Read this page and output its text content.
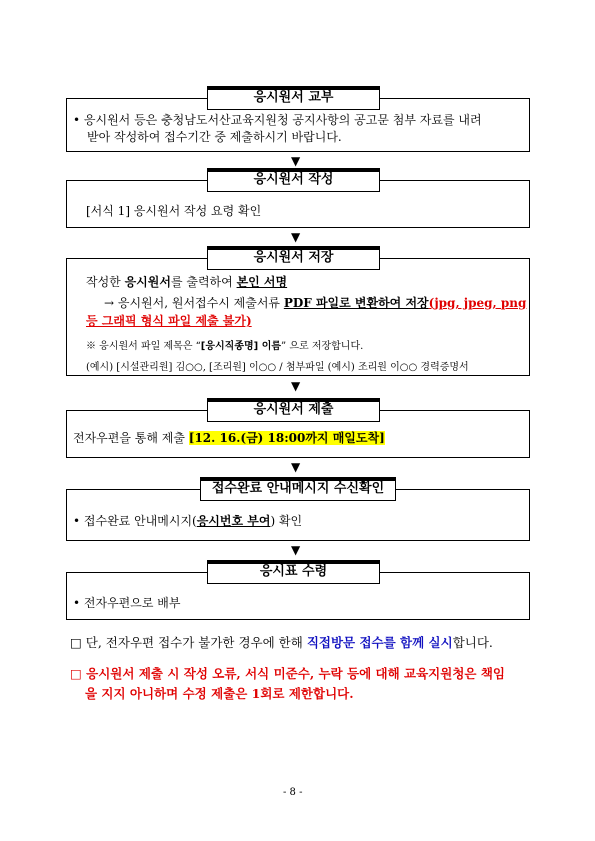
응시원서 교부
• 응시원서 등은 충청남도서산교육지원청 공지사항의 공고문 첨부 자료를 내려
받아 작성하여 접수기간 중 제출하시기 바랍니다.
▼
응시원서 작성
[서식 1] 응시원서 작성 요령 확인
▼
응시원서 저장
작성한 응시원서를 출력하여 본인 서명
→ 응시원서, 원서접수시 제출서류 PDF 파일로 변환하여 저장(jpg, jpeg, png
등 그래픽 형식 파일 제출 불가)
※ 응시원서 파일 제목은 “[응시직종명] 이름” 으로 저장합니다.
(예시) [시설관리원] 김○○, [조리원] 이○○ / 첨부파일 (예시) 조리원 이○○ 경력증명서
▼
응시원서 제출
전자우편을 통해 제출 [12. 16.(금) 18:00까지 매일도착]
▼
접수완료 안내메시지 수신확인
• 접수완료 안내메시지(응시번호 부여) 확인
▼
응시표 수령
• 전자우편으로 배부
□ 단, 전자우편 접수가 불가한 경우에 한해 직접방문 접수를 함께 실시합니다.
□ 응시원서 제출 시 작성 오류, 서식 미준수, 누락 등에 대해 교육지원청은 책임
을 지지 아니하며 수정 제출은 1회로 제한합니다.
- 8 -
